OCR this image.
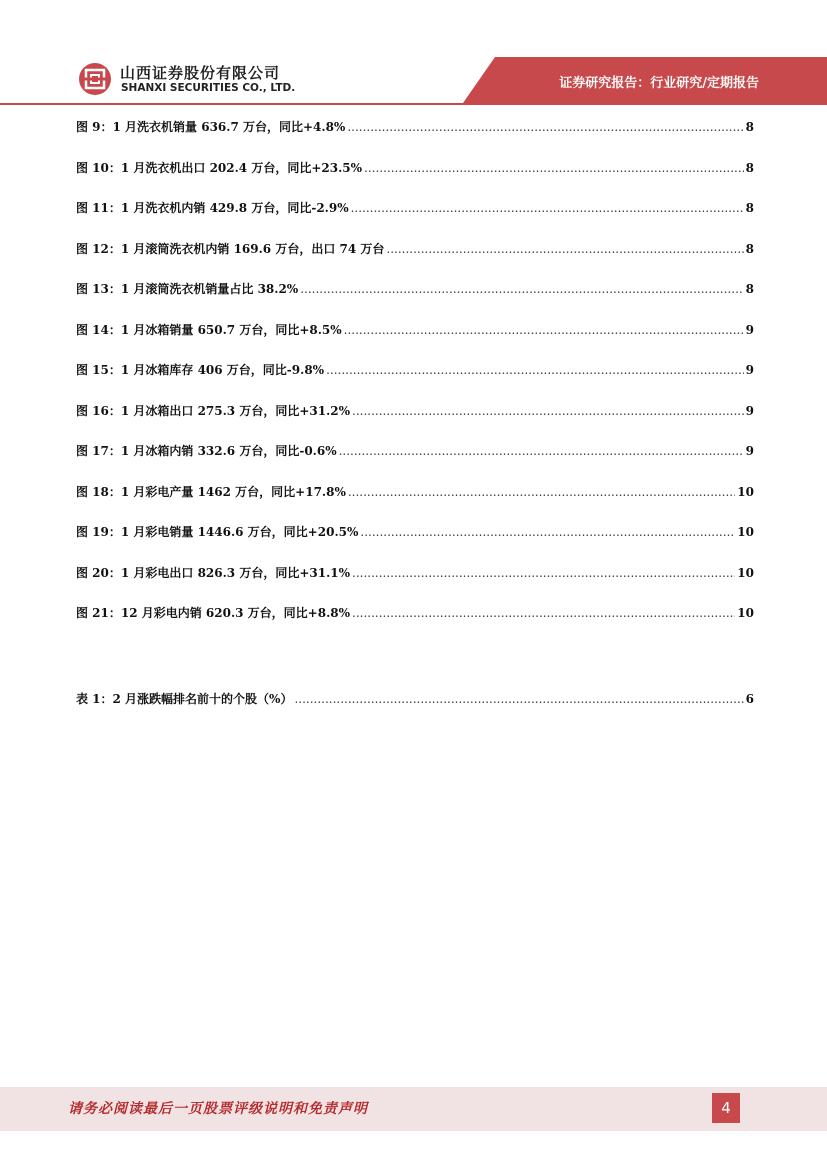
山西证券股份有限公司
SHANXI SECURITIES CO., LTD.	证券研究报告：行业研究/定期报告
图 9：1 月洗衣机销量 636.7 万台，同比+4.8% .....	8
图 10：1 月洗衣机出口 202.4 万台，同比+23.5% .....	8
图 11：1 月洗衣机内销 429.8 万台，同比-2.9% .....	8
图 12：1 月滚筒洗衣机内销 169.6 万台，出口 74 万台 .....	8
图 13：1 月滚筒洗衣机销量占比 38.2% .....	8
图 14：1 月冰箱销量 650.7 万台，同比+8.5% .....	9
图 15：1 月冰箱库存 406 万台，同比-9.8% .....	9
图 16：1 月冰箱出口 275.3 万台，同比+31.2% .....	9
图 17：1 月冰箱内销 332.6 万台，同比-0.6% .....	9
图 18：1 月彩电产量 1462 万台，同比+17.8% .....	10
图 19：1 月彩电销量 1446.6 万台，同比+20.5% .....	10
图 20：1 月彩电出口 826.3 万台，同比+31.1% .....	10
图 21：12 月彩电内销 620.3 万台，同比+8.8% .....	10
表 1：2 月涨跌幅排名前十的个股（%） .....	6
请务必阅读最后一页股票评级说明和免责声明	4
